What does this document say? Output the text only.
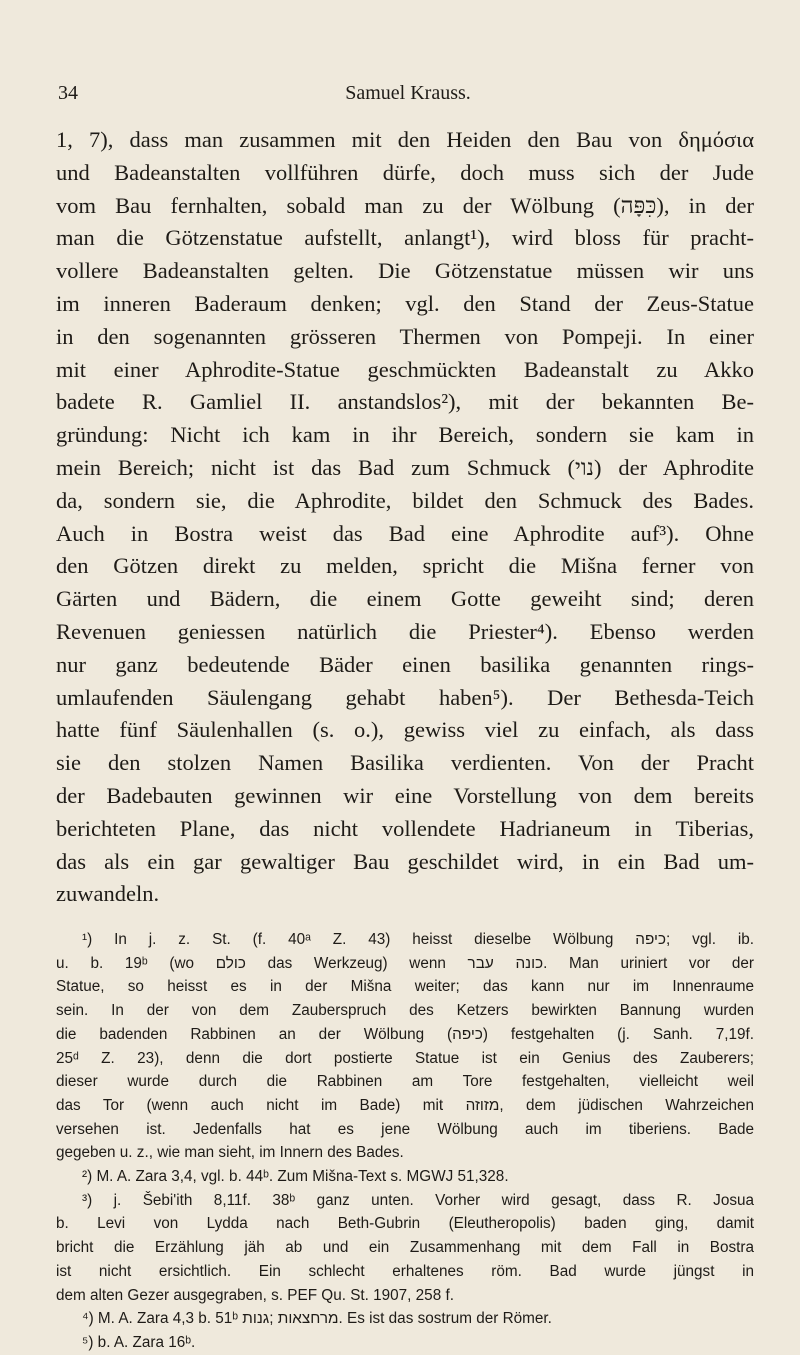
34	Samuel Krauss.
1, 7), dass man zusammen mit den Heiden den Bau von δημόσια
und Badeanstalten vollführen dürfe, doch muss sich der Jude
vom Bau fernhalten, sobald man zu der Wölbung (כִּפָּה), in der
man die Götzenstatue aufstellt, anlangt¹), wird bloss für pracht-
vollere Badeanstalten gelten. Die Götzenstatue müssen wir uns
im inneren Baderaum denken; vgl. den Stand der Zeus-Statue
in den sogenannten grösseren Thermen von Pompeji. In einer
mit einer Aphrodite-Statue geschmückten Badeanstalt zu Akko
badete R. Gamliel II. anstandslos²), mit der bekannten Be-
gründung: Nicht ich kam in ihr Bereich, sondern sie kam in
mein Bereich; nicht ist das Bad zum Schmuck (נוי) der Aphrodite
da, sondern sie, die Aphrodite, bildet den Schmuck des Bades.
Auch in Bostra weist das Bad eine Aphrodite auf³). Ohne
den Götzen direkt zu melden, spricht die Mišna ferner von
Gärten und Bädern, die einem Gotte geweiht sind; deren
Revenuen geniessen natürlich die Priester⁴). Ebenso werden
nur ganz bedeutende Bäder einen basilika genannten rings-
umlaufenden Säulengang gehabt haben⁵). Der Bethesda-Teich
hatte fünf Säulenhallen (s. o.), gewiss viel zu einfach, als dass
sie den stolzen Namen Basilika verdienten. Von der Pracht
der Badebauten gewinnen wir eine Vorstellung von dem bereits
berichteten Plane, das nicht vollendete Hadrianeum in Tiberias,
das als ein gar gewaltiger Bau geschildet wird, in ein Bad um-
zuwandeln.
¹) In j. z. St. (f. 40ᵃ Z. 43) heisst dieselbe Wölbung כיפה; vgl. ib.
u. b. 19ᵇ (wo כולם das Werkzeug) wenn כונה עבר. Man uriniert vor der
Statue, so heisst es in der Mišna weiter; das kann nur im Innenraume
sein. In der von dem Zauberspruch des Ketzers bewirkten Bannung wurden
die badenden Rabbinen an der Wölbung (כיפה) festgehalten (j. Sanh. 7,19f.
25ᵈ Z. 23), denn die dort postierte Statue ist ein Genius des Zauberers;
dieser wurde durch die Rabbinen am Tore festgehalten, vielleicht weil
das Tor (wenn auch nicht im Bade) mit מזוזה, dem jüdischen Wahrzeichen
versehen ist. Jedenfalls hat es jene Wölbung auch im tiberiens. Bade
gegeben u. z., wie man sieht, im Innern des Bades.
²) M. A. Zara 3,4, vgl. b. 44ᵇ. Zum Mišna-Text s. MGWJ 51,328.
³) j. Šebi'ith 8,11f. 38ᵇ ganz unten. Vorher wird gesagt, dass R. Josua
b. Levi von Lydda nach Beth-Gubrin (Eleutheropolis) baden ging, damit
bricht die Erzählung jäh ab und ein Zusammenhang mit dem Fall in Bostra
ist nicht ersichtlich. Ein schlecht erhaltenes röm. Bad wurde jüngst in
dem alten Gezer ausgegraben, s. PEF Qu. St. 1907, 258 f.
⁴) M. A. Zara 4,3 b. 51ᵇ מרחצאות ;גנות. Es ist das sostrum der Römer.
⁵) b. A. Zara 16ᵇ.
